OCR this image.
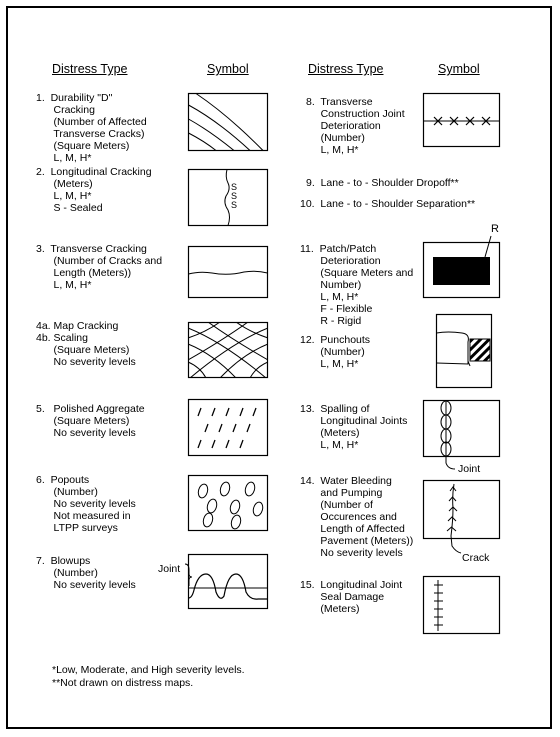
Distress Type	Symbol	Distress Type	Symbol
1.  Durability "D"
Cracking
(Number of Affected
Transverse Cracks)
(Square Meters)
L, M, H*
2.  Longitudinal Cracking
(Meters)
L, M, H*
S - Sealed
3.  Transverse Cracking
(Number of Cracks and
Length (Meters))
L, M, H*
4a. Map Cracking
4b. Scaling
(Square Meters)
No severity levels
5.   Polished Aggregate
(Square Meters)
No severity levels
6.  Popouts
(Number)
No severity levels
Not measured in
LTPP surveys
7.  Blowups
(Number)
No severity levels
8.  Transverse
Construction Joint
Deterioration
(Number)
L, M, H*
9.  Lane - to - Shoulder Dropoff**
10.  Lane - to - Shoulder Separation**
11.  Patch/Patch
Deterioration
(Square Meters and
Number)
L, M, H*
F - Flexible
R - Rigid
12.  Punchouts
(Number)
L, M, H*
13.  Spalling of
Longitudinal Joints
(Meters)
L, M, H*
14.  Water Bleeding
and Pumping
(Number of
Occurences and
Length of Affected
Pavement (Meters))
No severity levels
15.  Longitudinal Joint
Seal Damage
(Meters)
S
S
S
Joint
R
Joint
Crack
*Low, Moderate, and High severity levels.
**Not drawn on distress maps.
